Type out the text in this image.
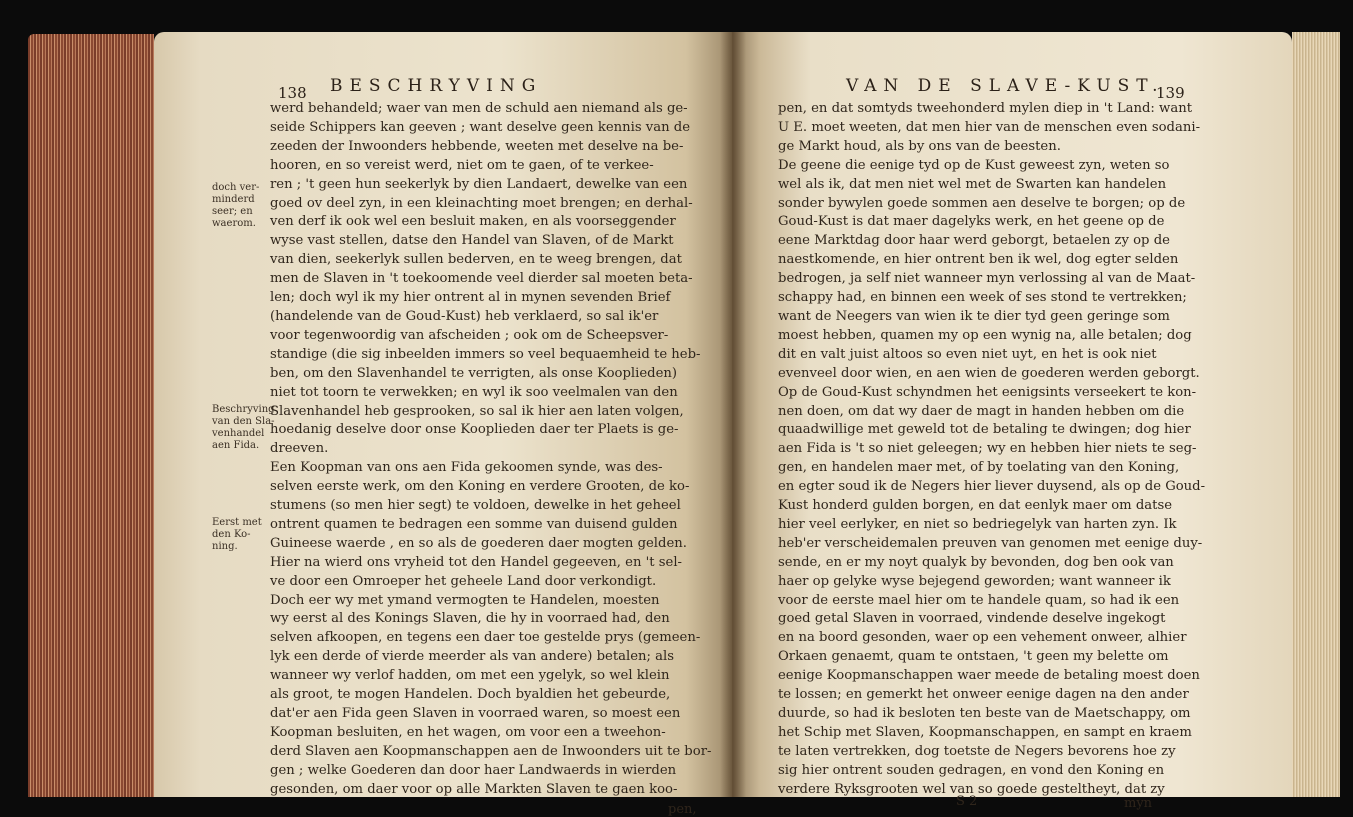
138 BESCHRYVING
doch ver-
minderd
seer; en
waerom.
Beschryving
van den Sla-
venhandel
aen Fida.
Eerst met
den Ko-
ning.

werd behandeld; waer van men de schuld aen niemand als ge-

seide Schippers kan geeven ; want deselve geen kennis van de

zeeden der Inwoonders hebbende, weeten met deselve na be-

hooren, en so vereist werd, niet om te gaen, of te verkee-

ren ; 't geen hun seekerlyk by dien Landaert, dewelke van een

goed ov deel zyn, in een kleinachting moet brengen; en derhal-

ven derf ik ook wel een besluit maken, en als voorseggender

wyse vast stellen, datse den Handel van Slaven, of de Markt

van dien, seekerlyk sullen bederven, en te weeg brengen, dat

men de Slaven in 't toekoomende veel dierder sal moeten beta-

len; doch wyl ik my hier ontrent al in mynen sevenden Brief

(handelende van de Goud-Kust) heb verklaerd, so sal ik'er

voor tegenwoordig van afscheiden ; ook om de Scheepsver-

standige (die sig inbeelden immers so veel bequaemheid te heb-

ben, om den Slavenhandel te verrigten, als onse Kooplieden)

niet tot toorn te verwekken; en wyl ik soo veelmalen van den

Slavenhandel heb gesprooken, so sal ik hier aen laten volgen,

hoedanig deselve door onse Kooplieden daer ter Plaets is ge-

dreeven.

Een Koopman van ons aen Fida gekoomen synde, was des-

selven eerste werk, om den Koning en verdere Grooten, de ko-

stumens (so men hier segt) te voldoen, dewelke in het geheel

ontrent quamen te bedragen een somme van duisend gulden

Guineese waerde , en so als de goederen daer mogten gelden.

Hier na wierd ons vryheid tot den Handel gegeeven, en 't sel-

ve door een Omroeper het geheele Land door verkondigt.

Doch eer wy met ymand vermogten te Handelen, moesten

wy eerst al des Konings Slaven, die hy in voorraed had, den

selven afkoopen, en tegens een daer toe gestelde prys (gemeen-

lyk een derde of vierde meerder als van andere) betalen; als

wanneer wy verlof hadden, om met een ygelyk, so wel klein

als groot, te mogen Handelen. Doch byaldien het gebeurde,

dat'er aen Fida geen Slaven in voorraed waren, so moest een

Koopman besluiten, en het wagen, om voor een a tweehon-

derd Slaven aen Koopmanschappen aen de Inwoonders uit te bor-

gen ; welke Goederen dan door haer Landwaerds in wierden

gesonden, om daer voor op alle Markten Slaven te gaen koo-

pen,
VAN DE SLAVE-KUST.
139

pen, en dat somtyds tweehonderd mylen diep in 't Land: want

U E. moet weeten, dat men hier van de menschen even sodani-

ge Markt houd, als by ons van de beesten.

De geene die eenige tyd op de Kust geweest zyn, weten so

wel als ik, dat men niet wel met de Swarten kan handelen

sonder bywylen goede sommen aen deselve te borgen; op de

Goud-Kust is dat maer dagelyks werk, en het geene op de

eene Marktdag door haar werd geborgt, betaelen zy op de

naestkomende, en hier ontrent ben ik wel, dog egter selden

bedrogen, ja self niet wanneer myn verlossing al van de Maat-

schappy had, en binnen een week of ses stond te vertrekken;

want de Neegers van wien ik te dier tyd geen geringe som

moest hebben, quamen my op een wynig na, alle betalen; dog

dit en valt juist altoos so even niet uyt, en het is ook niet

evenveel door wien, en aen wien de goederen werden geborgt.

Op de Goud-Kust schyndmen het eenigsints verseekert te kon-

nen doen, om dat wy daer de magt in handen hebben om die

quaadwillige met geweld tot de betaling te dwingen; dog hier

aen Fida is 't so niet geleegen; wy en hebben hier niets te seg-

gen, en handelen maer met, of by toelating van den Koning,

en egter soud ik de Negers hier liever duysend, als op de Goud-

Kust honderd gulden borgen, en dat eenlyk maer om datse

hier veel eerlyker, en niet so bedriegelyk van harten zyn. Ik

heb'er verscheidemalen preuven van genomen met eenige duy-

sende, en er my noyt qualyk by bevonden, dog ben ook van

haer op gelyke wyse bejegend geworden; want wanneer ik

voor de eerste mael hier om te handele quam, so had ik een

goed getal Slaven in voorraed, vindende deselve ingekogt

en na boord gesonden, waer op een vehement onweer, alhier

Orkaen genaemt, quam te ontstaen, 't geen my belette om

eenige Koopmanschappen waer meede de betaling moest doen

te lossen; en gemerkt het onweer eenige dagen na den ander

duurde, so had ik besloten ten beste van de Maetschappy, om

het Schip met Slaven, Koopmanschappen, en sampt en kraem

te laten vertrekken, dog toetste de Negers bevorens hoe zy

sig hier ontrent souden gedragen, en vond den Koning en

verdere Ryksgrooten wel van so goede gesteltheyt, dat zy

S 2	myn
